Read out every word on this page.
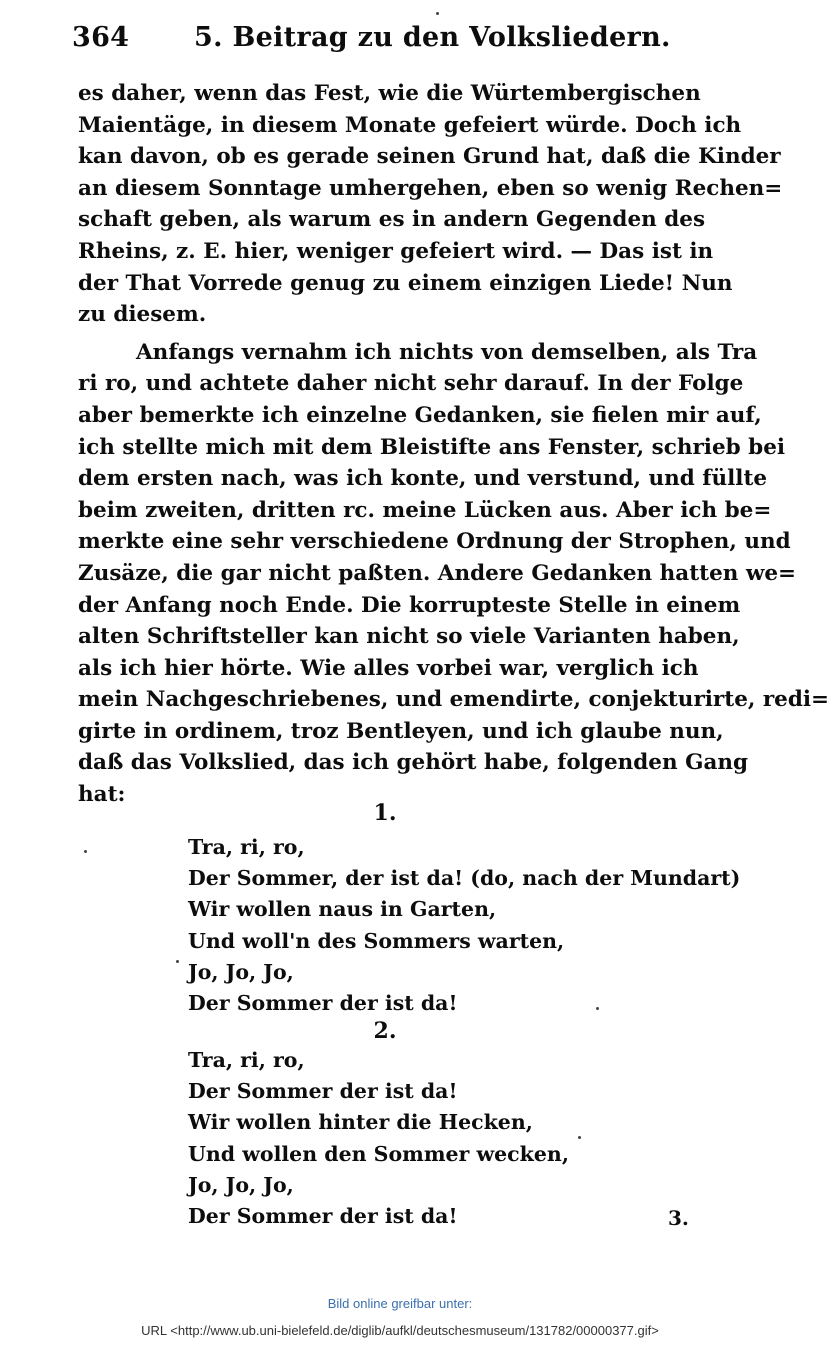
364 5. Beitrag zu den Volksliedern.
es daher, wenn das Fest, wie die Würtembergischen
Maientäge, in diesem Monate gefeiert würde. Doch ich
kan davon, ob es gerade seinen Grund hat, daß die Kinder
an diesem Sonntage umhergehen, eben so wenig Rechen=
schaft geben, als warum es in andern Gegenden des
Rheins, z. E. hier, weniger gefeiert wird. — Das ist in
der That Vorrede genug zu einem einzigen Liede! Nun
zu diesem.
Anfangs vernahm ich nichts von demselben, als Tra
ri ro, und achtete daher nicht sehr darauf. In der Folge
aber bemerkte ich einzelne Gedanken, sie fielen mir auf,
ich stellte mich mit dem Bleistifte ans Fenster, schrieb bei
dem ersten nach, was ich konte, und verstund, und füllte
beim zweiten, dritten rc. meine Lücken aus. Aber ich be=
merkte eine sehr verschiedene Ordnung der Strophen, und
Zusäze, die gar nicht paßten. Andere Gedanken hatten we=
der Anfang noch Ende. Die korrupteste Stelle in einem
alten Schriftsteller kan nicht so viele Varianten haben,
als ich hier hörte. Wie alles vorbei war, verglich ich
mein Nachgeschriebenes, und emendirte, conjekturirte, redi=
girte in ordinem, troz Bentleyen, und ich glaube nun,
daß das Volkslied, das ich gehört habe, folgenden Gang
hat:
1.
Tra, ri, ro,
Der Sommer, der ist da! (do, nach der Mundart)
Wir wollen naus in Garten,
Und woll'n des Sommers warten,
Jo, Jo, Jo,
Der Sommer der ist da!
2.
Tra, ri, ro,
Der Sommer der ist da!
Wir wollen hinter die Hecken,
Und wollen den Sommer wecken,
Jo, Jo, Jo,
Der Sommer der ist da!	3.
Bild online greifbar unter:
URL <http://www.ub.uni-bielefeld.de/diglib/aufkl/deutschesmuseum/131782/00000377.gif>
